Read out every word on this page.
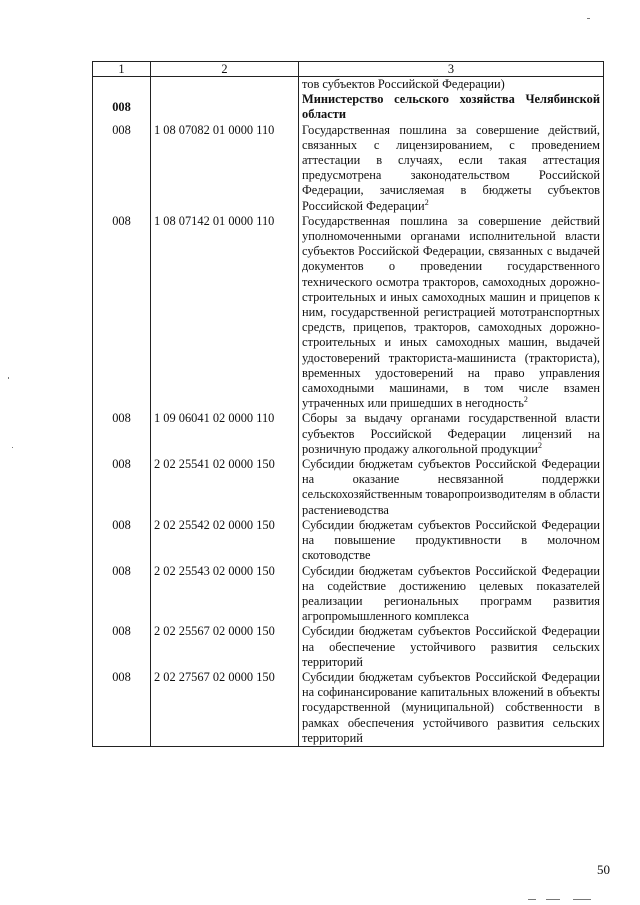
1	2	3
		тов субъектов Российской Федерации)
008		Министерство сельского хозяйства Челябинской области
008	1 08 07082 01 0000 110	Государственная пошлина за совершение действий, связанных с лицензированием, с проведением аттестации в случаях, если такая аттестация предусмотрена законодательством Российской Федерации, зачисляемая в бюджеты субъектов Российской Федерации$^2$
008	1 08 07142 01 0000 110	Государственная пошлина за совершение действий уполномоченными органами исполнительной власти субъектов Российской Федерации, связанных с выдачей документов о проведении государственного технического осмотра тракторов, самоходных дорожно-строительных и иных самоходных машин и прицепов к ним, государственной регистрацией мототранспортных средств, прицепов, тракторов, самоходных дорожно-строительных и иных самоходных машин, выдачей удостоверений тракториста-машиниста (тракториста), временных удостоверений на право управления самоходными машинами, в том числе взамен утраченных или пришедших в негодность$^2$
008	1 09 06041 02 0000 110	Сборы за выдачу органами государственной власти субъектов Российской Федерации лицензий на розничную продажу алкогольной продукции$^2$
008	2 02 25541 02 0000 150	Субсидии бюджетам субъектов Российской Федерации на оказание несвязанной поддержки сельскохозяйственным товаропроизводителям в области растениеводства
008	2 02 25542 02 0000 150	Субсидии бюджетам субъектов Российской Федерации на повышение продуктивности в молочном скотоводстве
008	2 02 25543 02 0000 150	Субсидии бюджетам субъектов Российской Федерации на содействие достижению целевых показателей реализации региональных программ развития агропромышленного комплекса
008	2 02 25567 02 0000 150	Субсидии бюджетам субъектов Российской Федерации на обеспечение устойчивого развития сельских территорий
008	2 02 27567 02 0000 150	Субсидии бюджетам субъектов Российской Федерации на софинансирование капитальных вложений в объекты государственной (муниципальной) собственности в рамках обеспечения устойчивого развития сельских территорий
50
